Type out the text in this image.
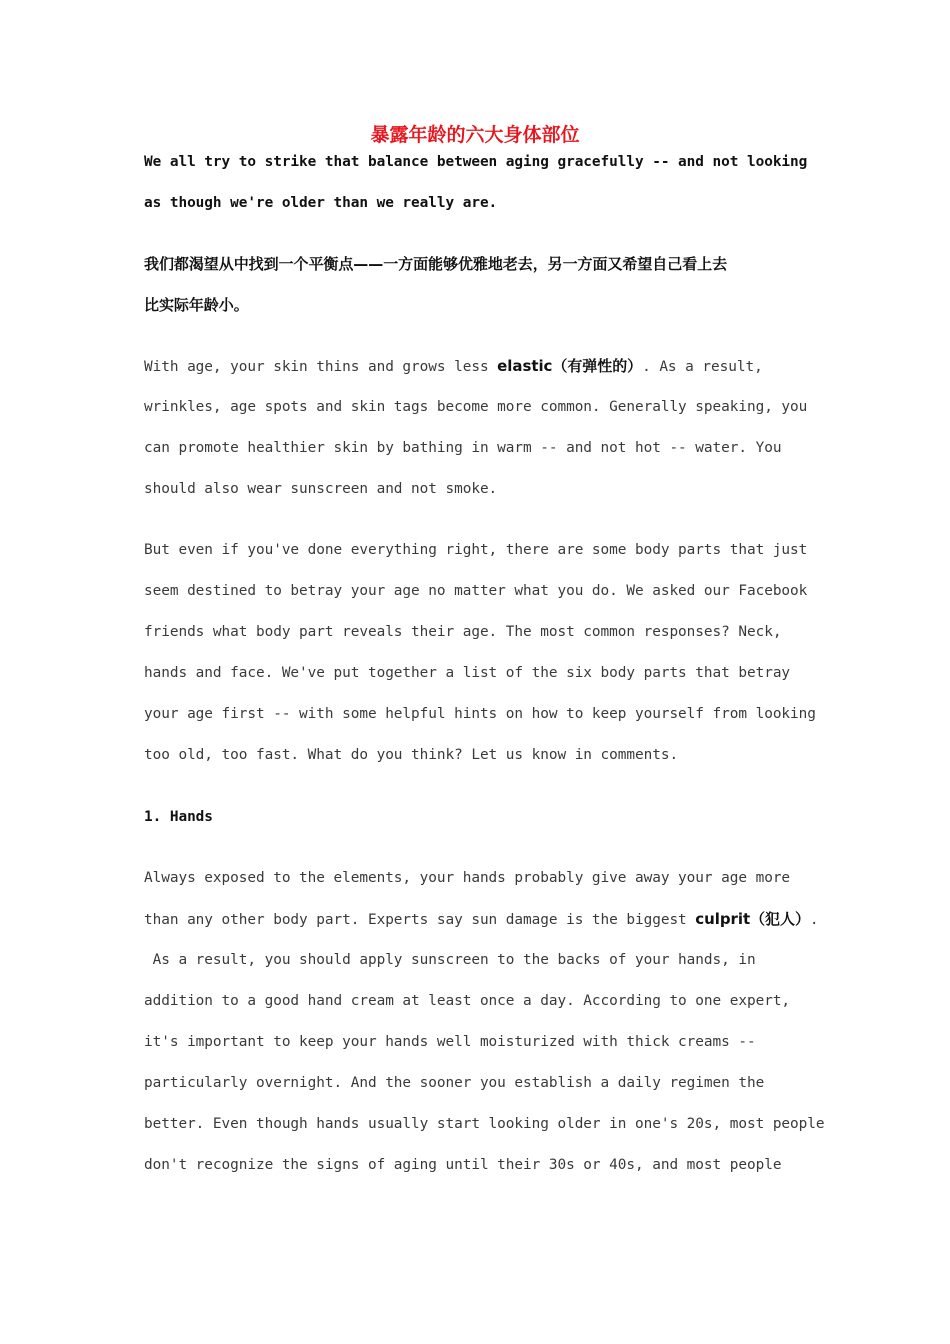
暴露年龄的六大身体部位
We all try to strike that balance between aging gracefully -- and not looking
as though we're older than we really are.
我们都渴望从中找到一个平衡点——一方面能够优雅地老去，另一方面又希望自己看上去
比实际年龄小。
With age, your skin thins and grows less elastic（有弹性的）. As a result,
wrinkles, age spots and skin tags become more common. Generally speaking, you
can promote healthier skin by bathing in warm -- and not hot -- water. You
should also wear sunscreen and not smoke.
But even if you've done everything right, there are some body parts that just
seem destined to betray your age no matter what you do. We asked our Facebook
friends what body part reveals their age. The most common responses? Neck,
hands and face. We've put together a list of the six body parts that betray
your age first -- with some helpful hints on how to keep yourself from looking
too old, too fast. What do you think? Let us know in comments.
1. Hands
Always exposed to the elements, your hands probably give away your age more
than any other body part. Experts say sun damage is the biggest culprit（犯人）.
As a result, you should apply sunscreen to the backs of your hands, in
addition to a good hand cream at least once a day. According to one expert,
it's important to keep your hands well moisturized with thick creams --
particularly overnight. And the sooner you establish a daily regimen the
better. Even though hands usually start looking older in one's 20s, most people
don't recognize the signs of aging until their 30s or 40s, and most people
